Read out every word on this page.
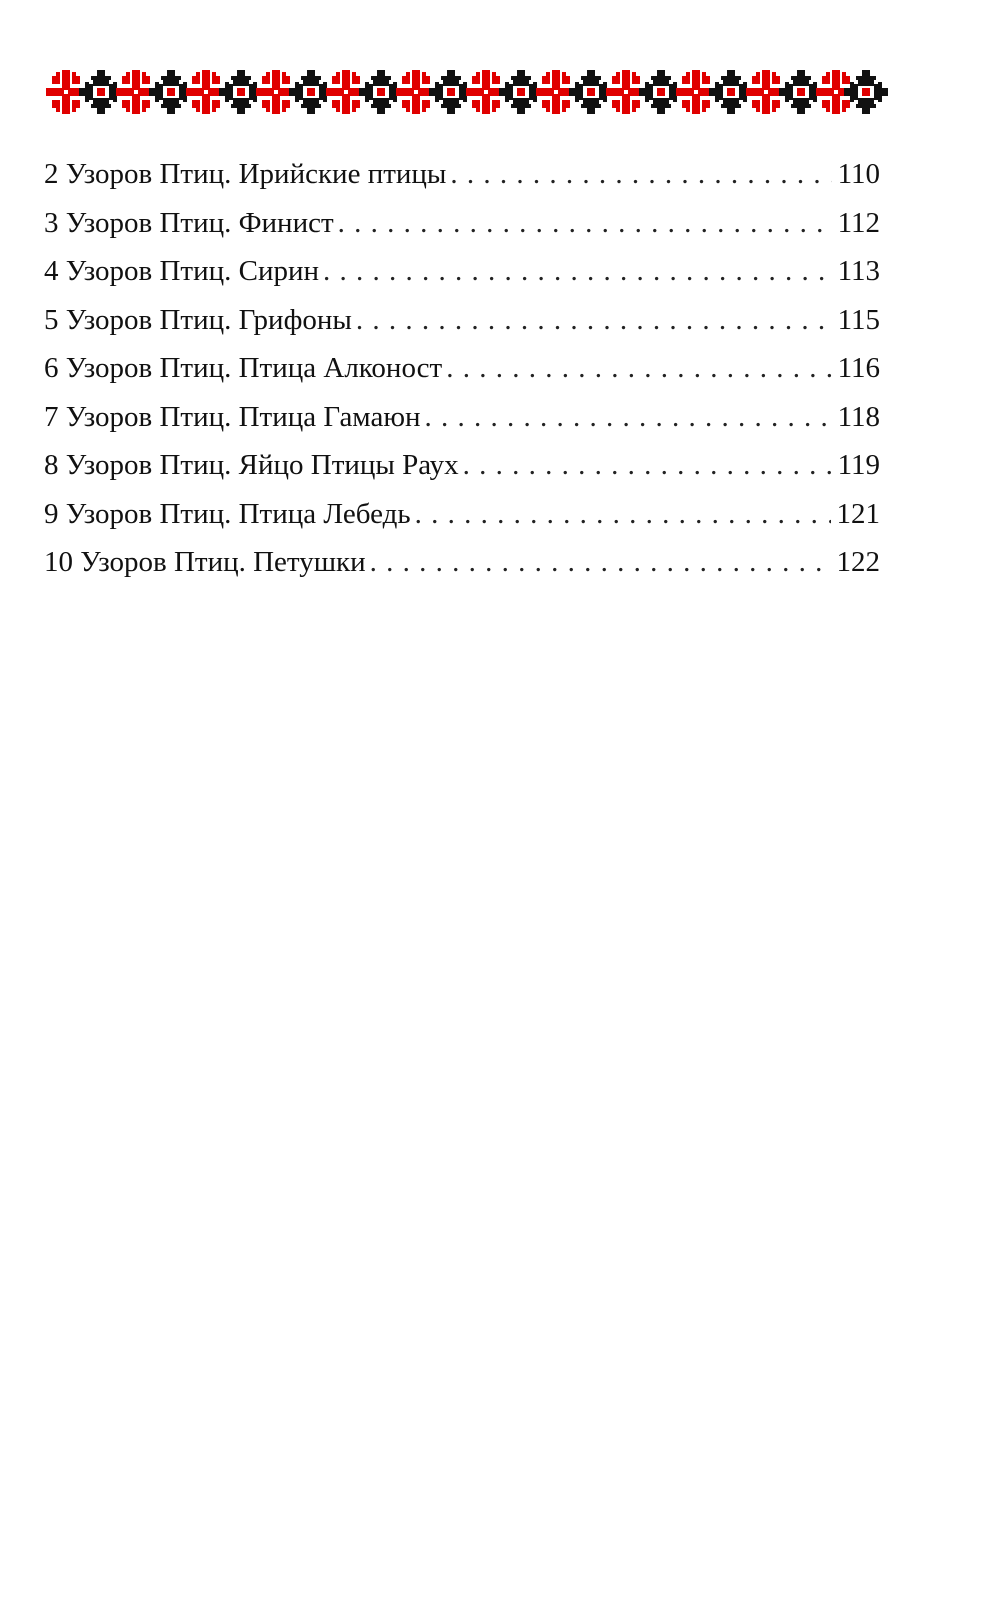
2 Узоров Птиц. Ирийские птицы . . .	110
3 Узоров Птиц. Финист . . .	112
4 Узоров Птиц. Сирин . . .	113
5 Узоров Птиц. Грифоны . . .	115
6 Узоров Птиц. Птица Алконост . . .	116
7 Узоров Птиц. Птица Гамаюн . . .	118
8 Узоров Птиц. Яйцо Птицы Раух . . .	119
9 Узоров Птиц. Птица Лебедь . . .	121
10 Узоров Птиц. Петушки . . .	122
